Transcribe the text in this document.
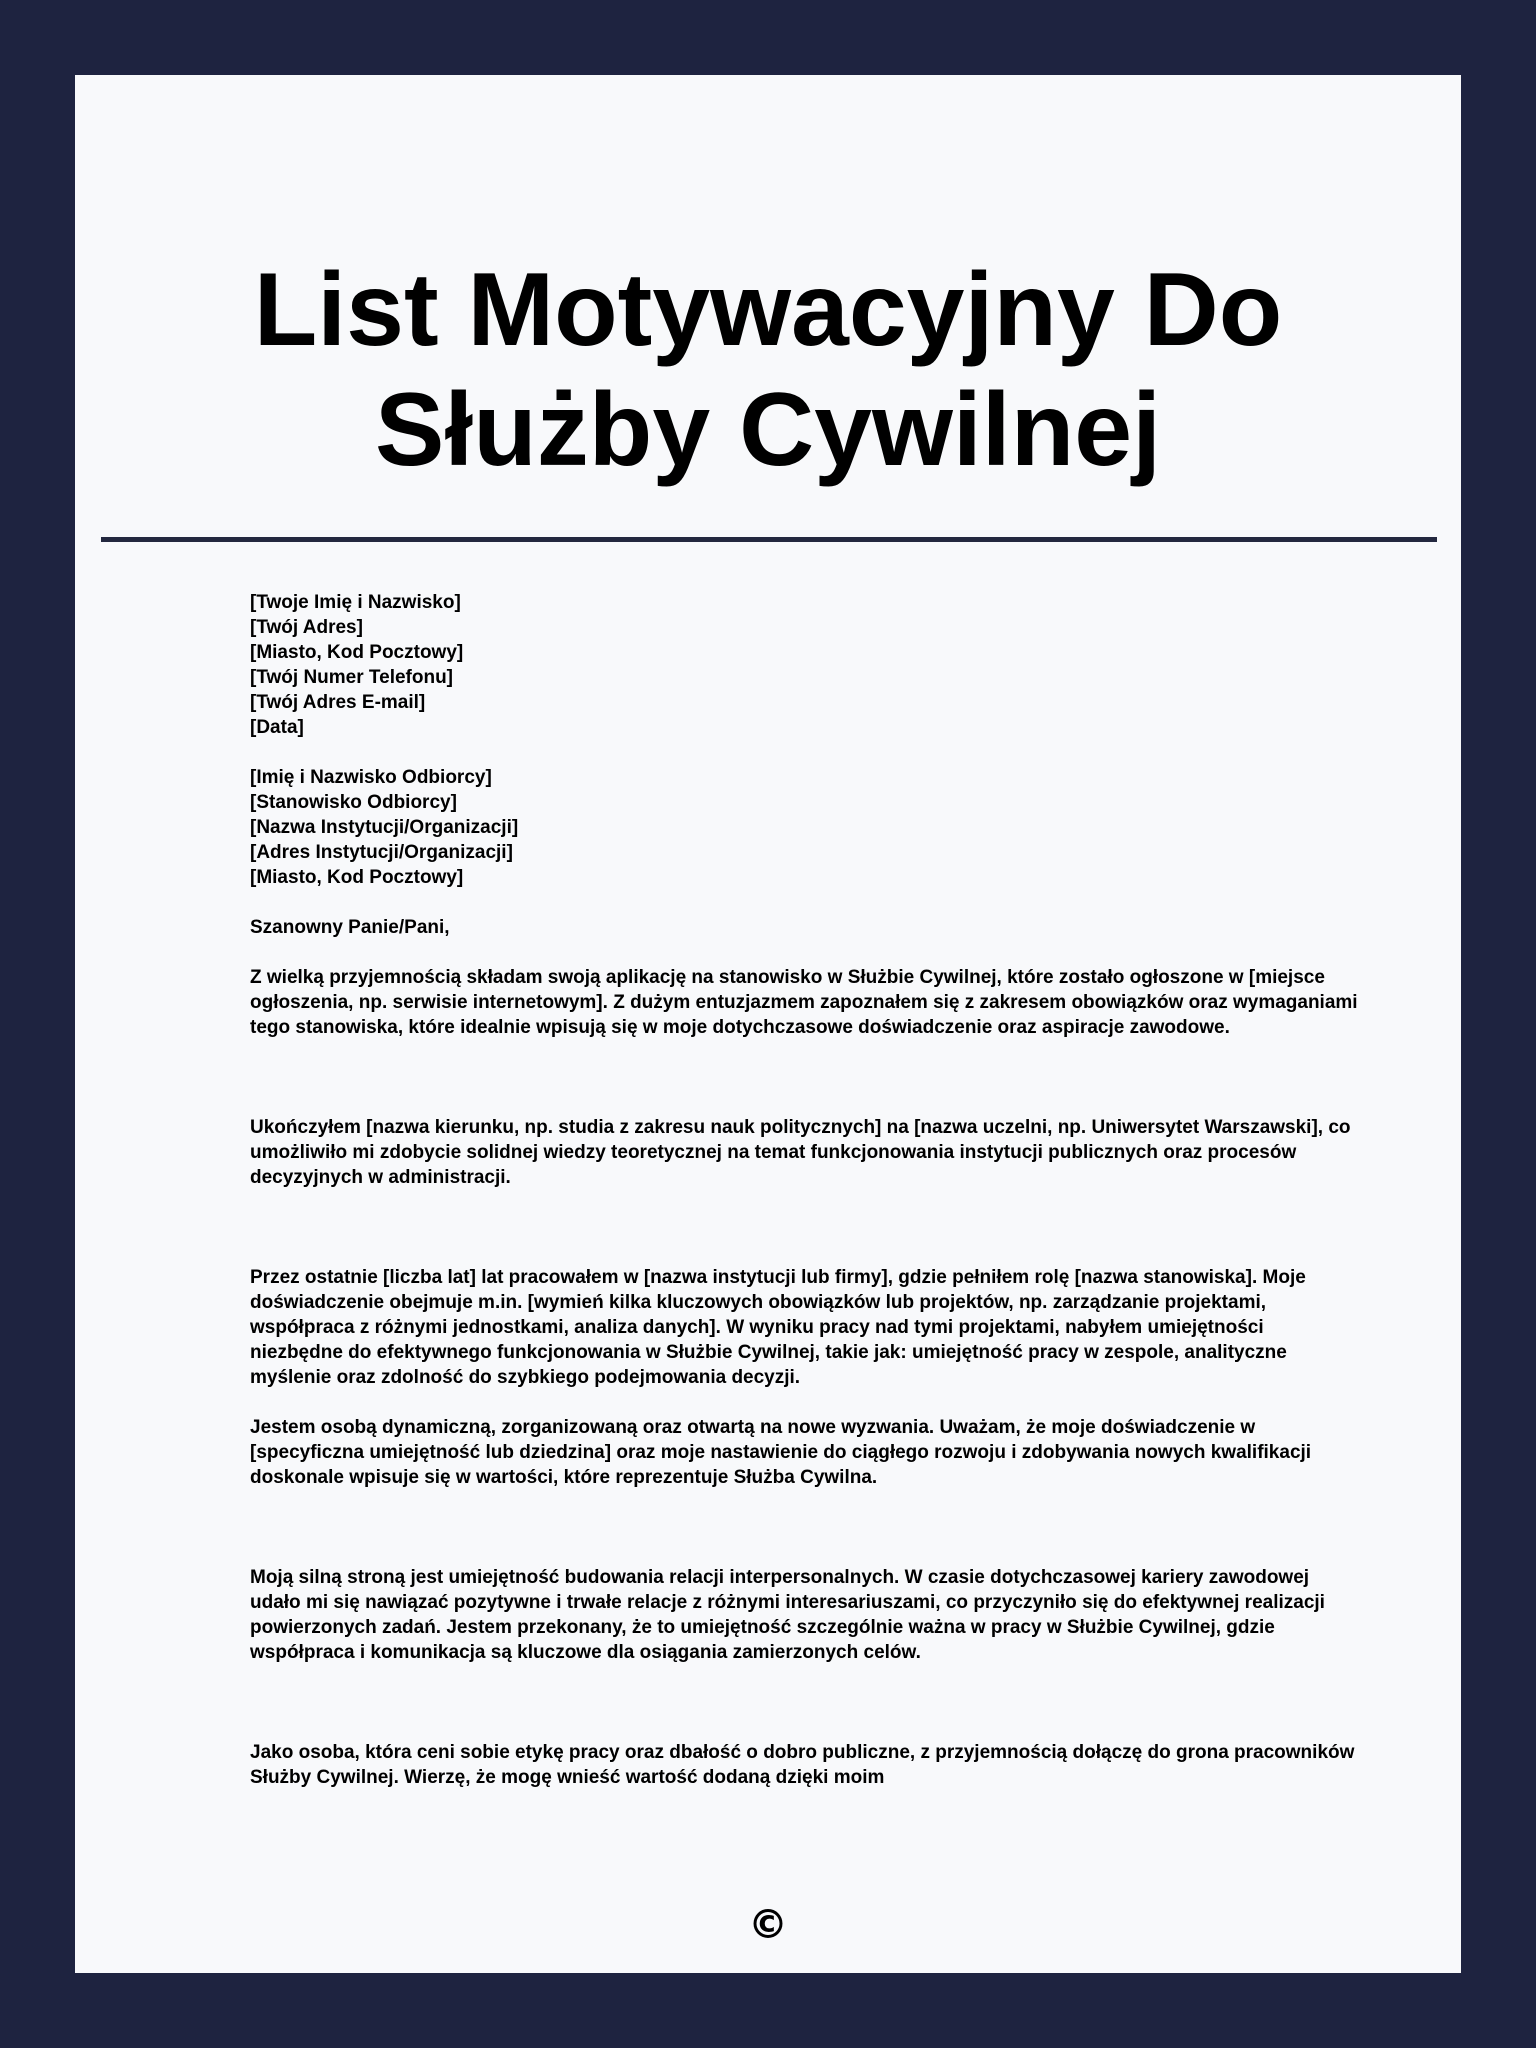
List Motywacyjny Do Służby Cywilnej
[Twoje Imię i Nazwisko]
[Twój Adres]
[Miasto, Kod Pocztowy]
[Twój Numer Telefonu]
[Twój Adres E-mail]
[Data]
[Imię i Nazwisko Odbiorcy]
[Stanowisko Odbiorcy]
[Nazwa Instytucji/Organizacji]
[Adres Instytucji/Organizacji]
[Miasto, Kod Pocztowy]

Szanowny Panie/Pani,

Z wielką przyjemnością składam swoją aplikację na stanowisko w Służbie Cywilnej, które zostało ogłoszone w [miejsce ogłoszenia, np. serwisie internetowym]. Z dużym entuzjazmem zapoznałem się z zakresem obowiązków oraz wymaganiami tego stanowiska, które idealnie wpisują się w moje dotychczasowe doświadczenie oraz aspiracje zawodowe.

Ukończyłem [nazwa kierunku, np. studia z zakresu nauk politycznych] na [nazwa uczelni, np. Uniwersytet Warszawski], co umożliwiło mi zdobycie solidnej wiedzy teoretycznej na temat funkcjonowania instytucji publicznych oraz procesów decyzyjnych w administracji.

Przez ostatnie [liczba lat] lat pracowałem w [nazwa instytucji lub firmy], gdzie pełniłem rolę [nazwa stanowiska]. Moje doświadczenie obejmuje m.in. [wymień kilka kluczowych obowiązków lub projektów, np. zarządzanie projektami, współpraca z różnymi jednostkami, analiza danych]. W wyniku pracy nad tymi projektami, nabyłem umiejętności niezbędne do efektywnego funkcjonowania w Służbie Cywilnej, takie jak: umiejętność pracy w zespole, analityczne myślenie oraz zdolność do szybkiego podejmowania decyzji.

Jestem osobą dynamiczną, zorganizowaną oraz otwartą na nowe wyzwania. Uważam, że moje doświadczenie w [specyficzna umiejętność lub dziedzina] oraz moje nastawienie do ciągłego rozwoju i zdobywania nowych kwalifikacji doskonale wpisuje się w wartości, które reprezentuje Służba Cywilna.

Moją silną stroną jest umiejętność budowania relacji interpersonalnych. W czasie dotychczasowej kariery zawodowej udało mi się nawiązać pozytywne i trwałe relacje z różnymi interesariuszami, co przyczyniło się do efektywnej realizacji powierzonych zadań. Jestem przekonany, że to umiejętność szczególnie ważna w pracy w Służbie Cywilnej, gdzie współpraca i komunikacja są kluczowe dla osiągania zamierzonych celów.

Jako osoba, która ceni sobie etykę pracy oraz dbałość o dobro publiczne, z przyjemnością dołączę do grona pracowników Służby Cywilnej. Wierzę, że mogę wnieść wartość dodaną dzięki moim

©
